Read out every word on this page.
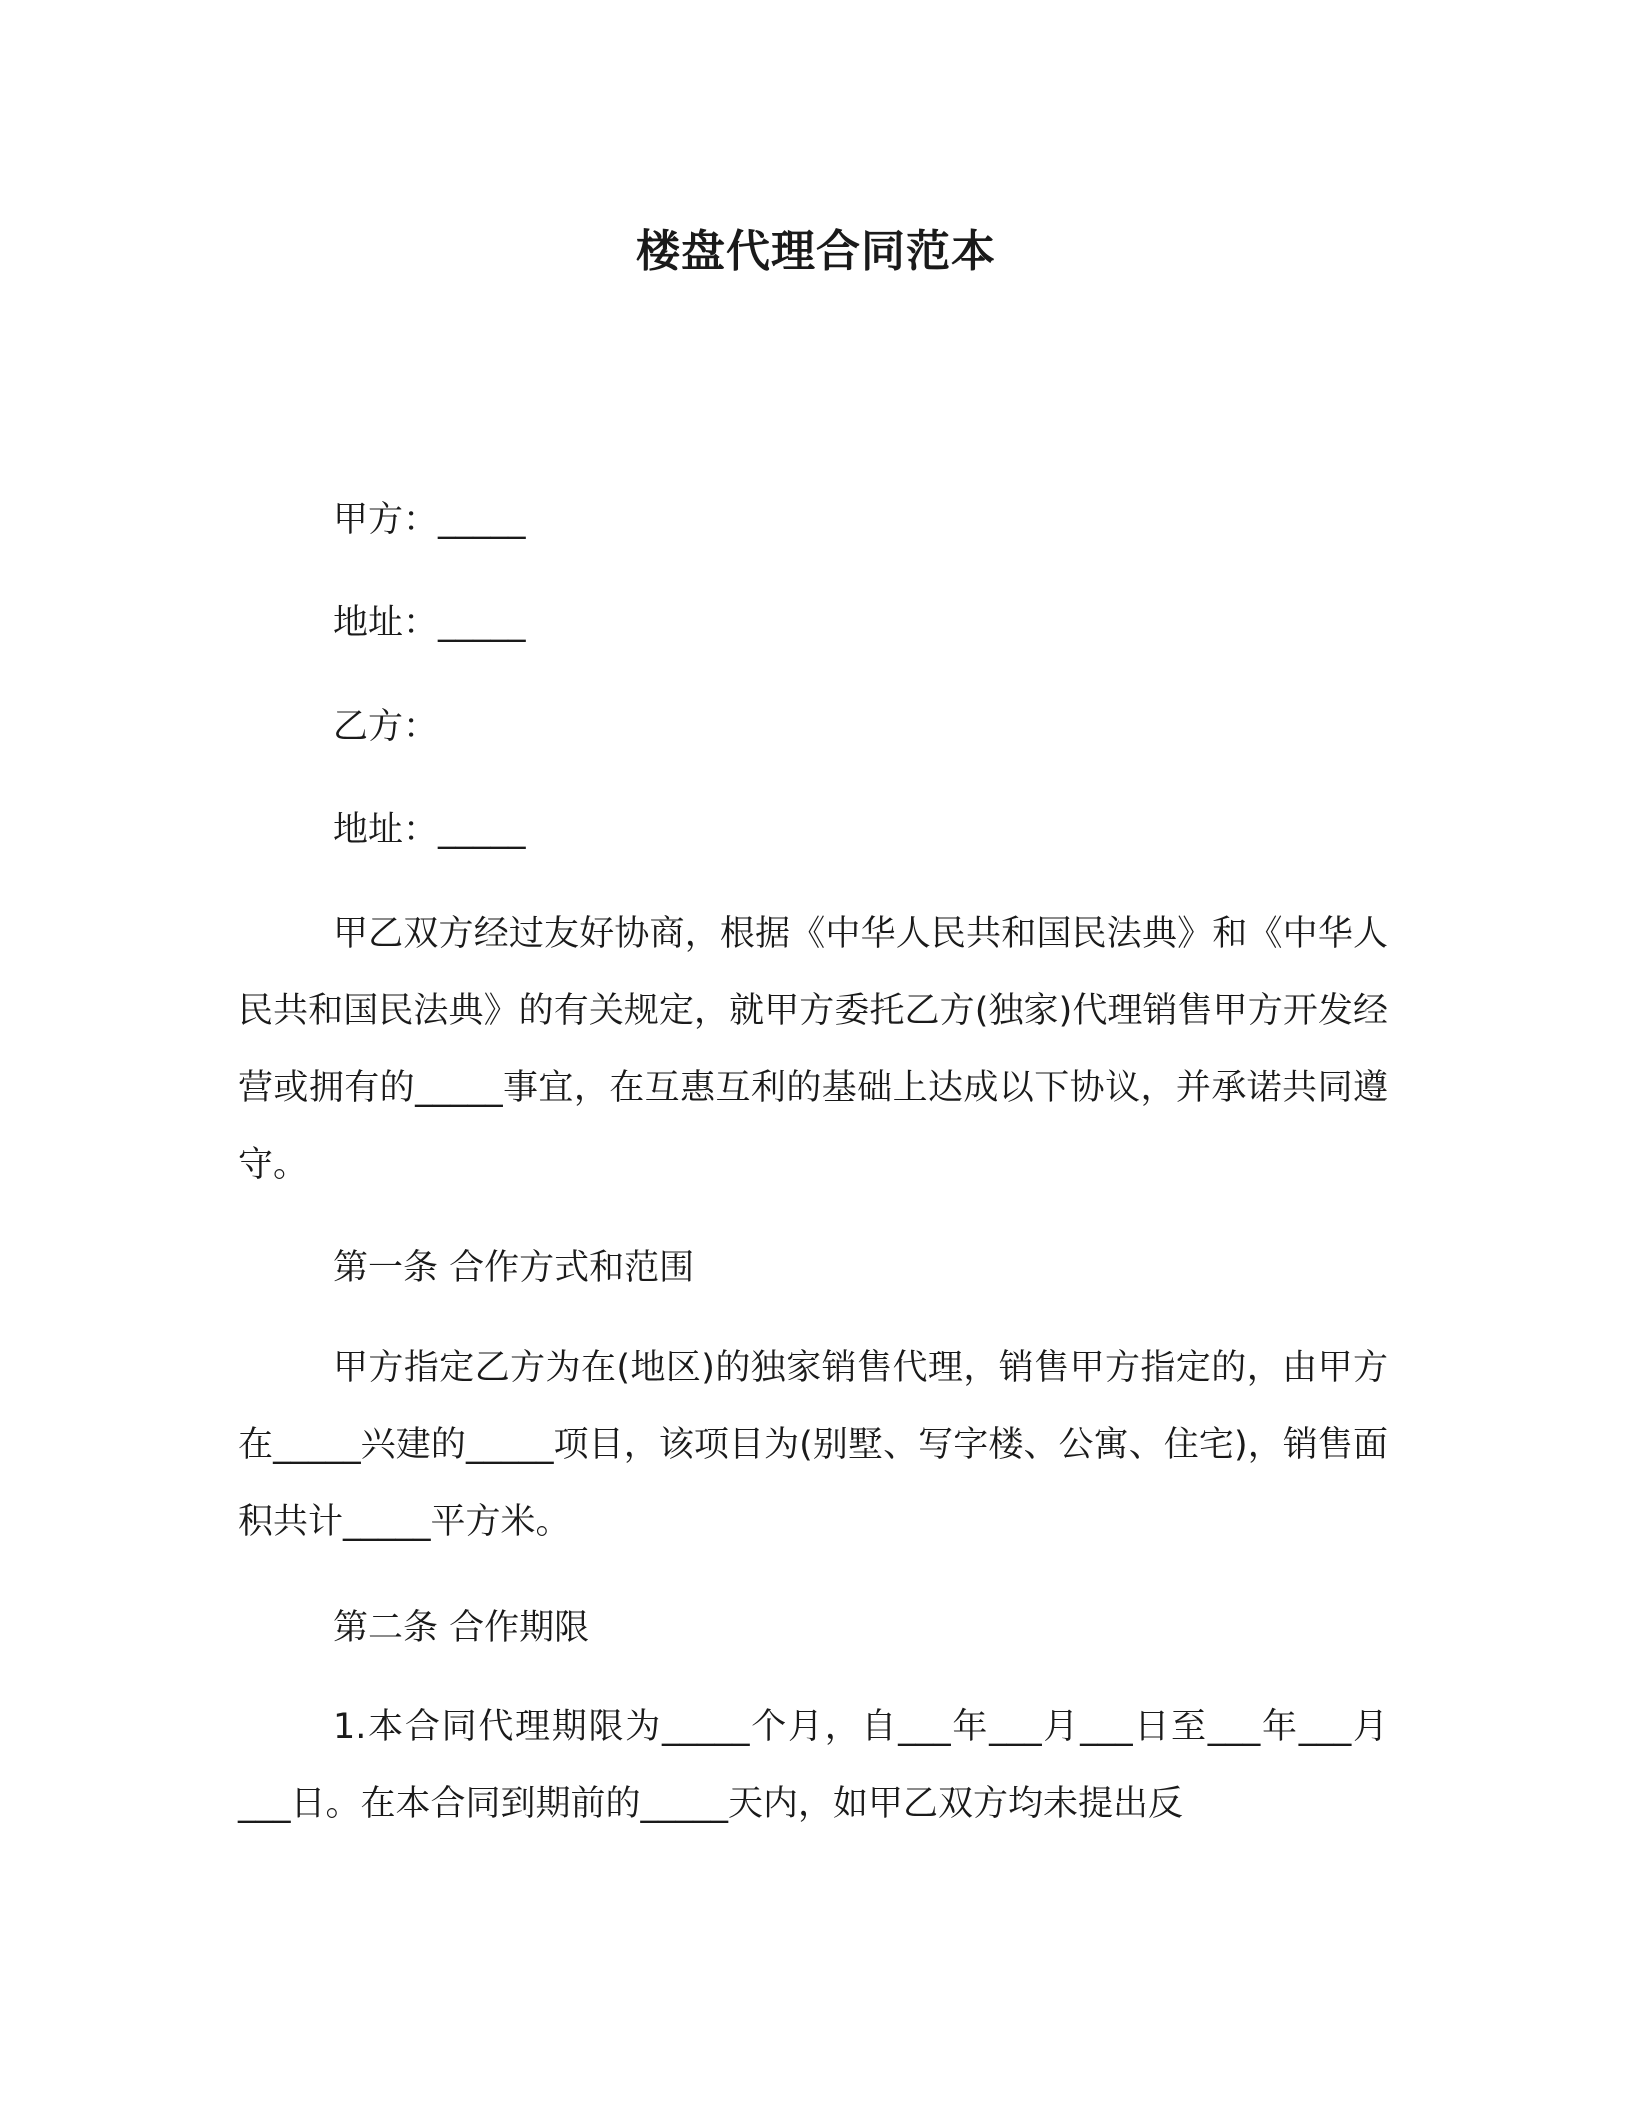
楼盘代理合同范本
甲方：_____
地址：_____
乙方：
地址：_____
甲乙双方经过友好协商，根据《中华人民共和国民法典》和《中华人民共和国民法典》的有关规定，就甲方委托乙方(独家)代理销售甲方开发经营或拥有的_____事宜，在互惠互利的基础上达成以下协议，并承诺共同遵守。
第一条 合作方式和范围
甲方指定乙方为在(地区)的独家销售代理，销售甲方指定的，由甲方在_____兴建的_____项目，该项目为(别墅、写字楼、公寓、住宅)，销售面积共计_____平方米。
第二条 合作期限
1.本合同代理期限为_____个月，自___年___月___日至___年___月___日。在本合同到期前的_____天内，如甲乙双方均未提出反
